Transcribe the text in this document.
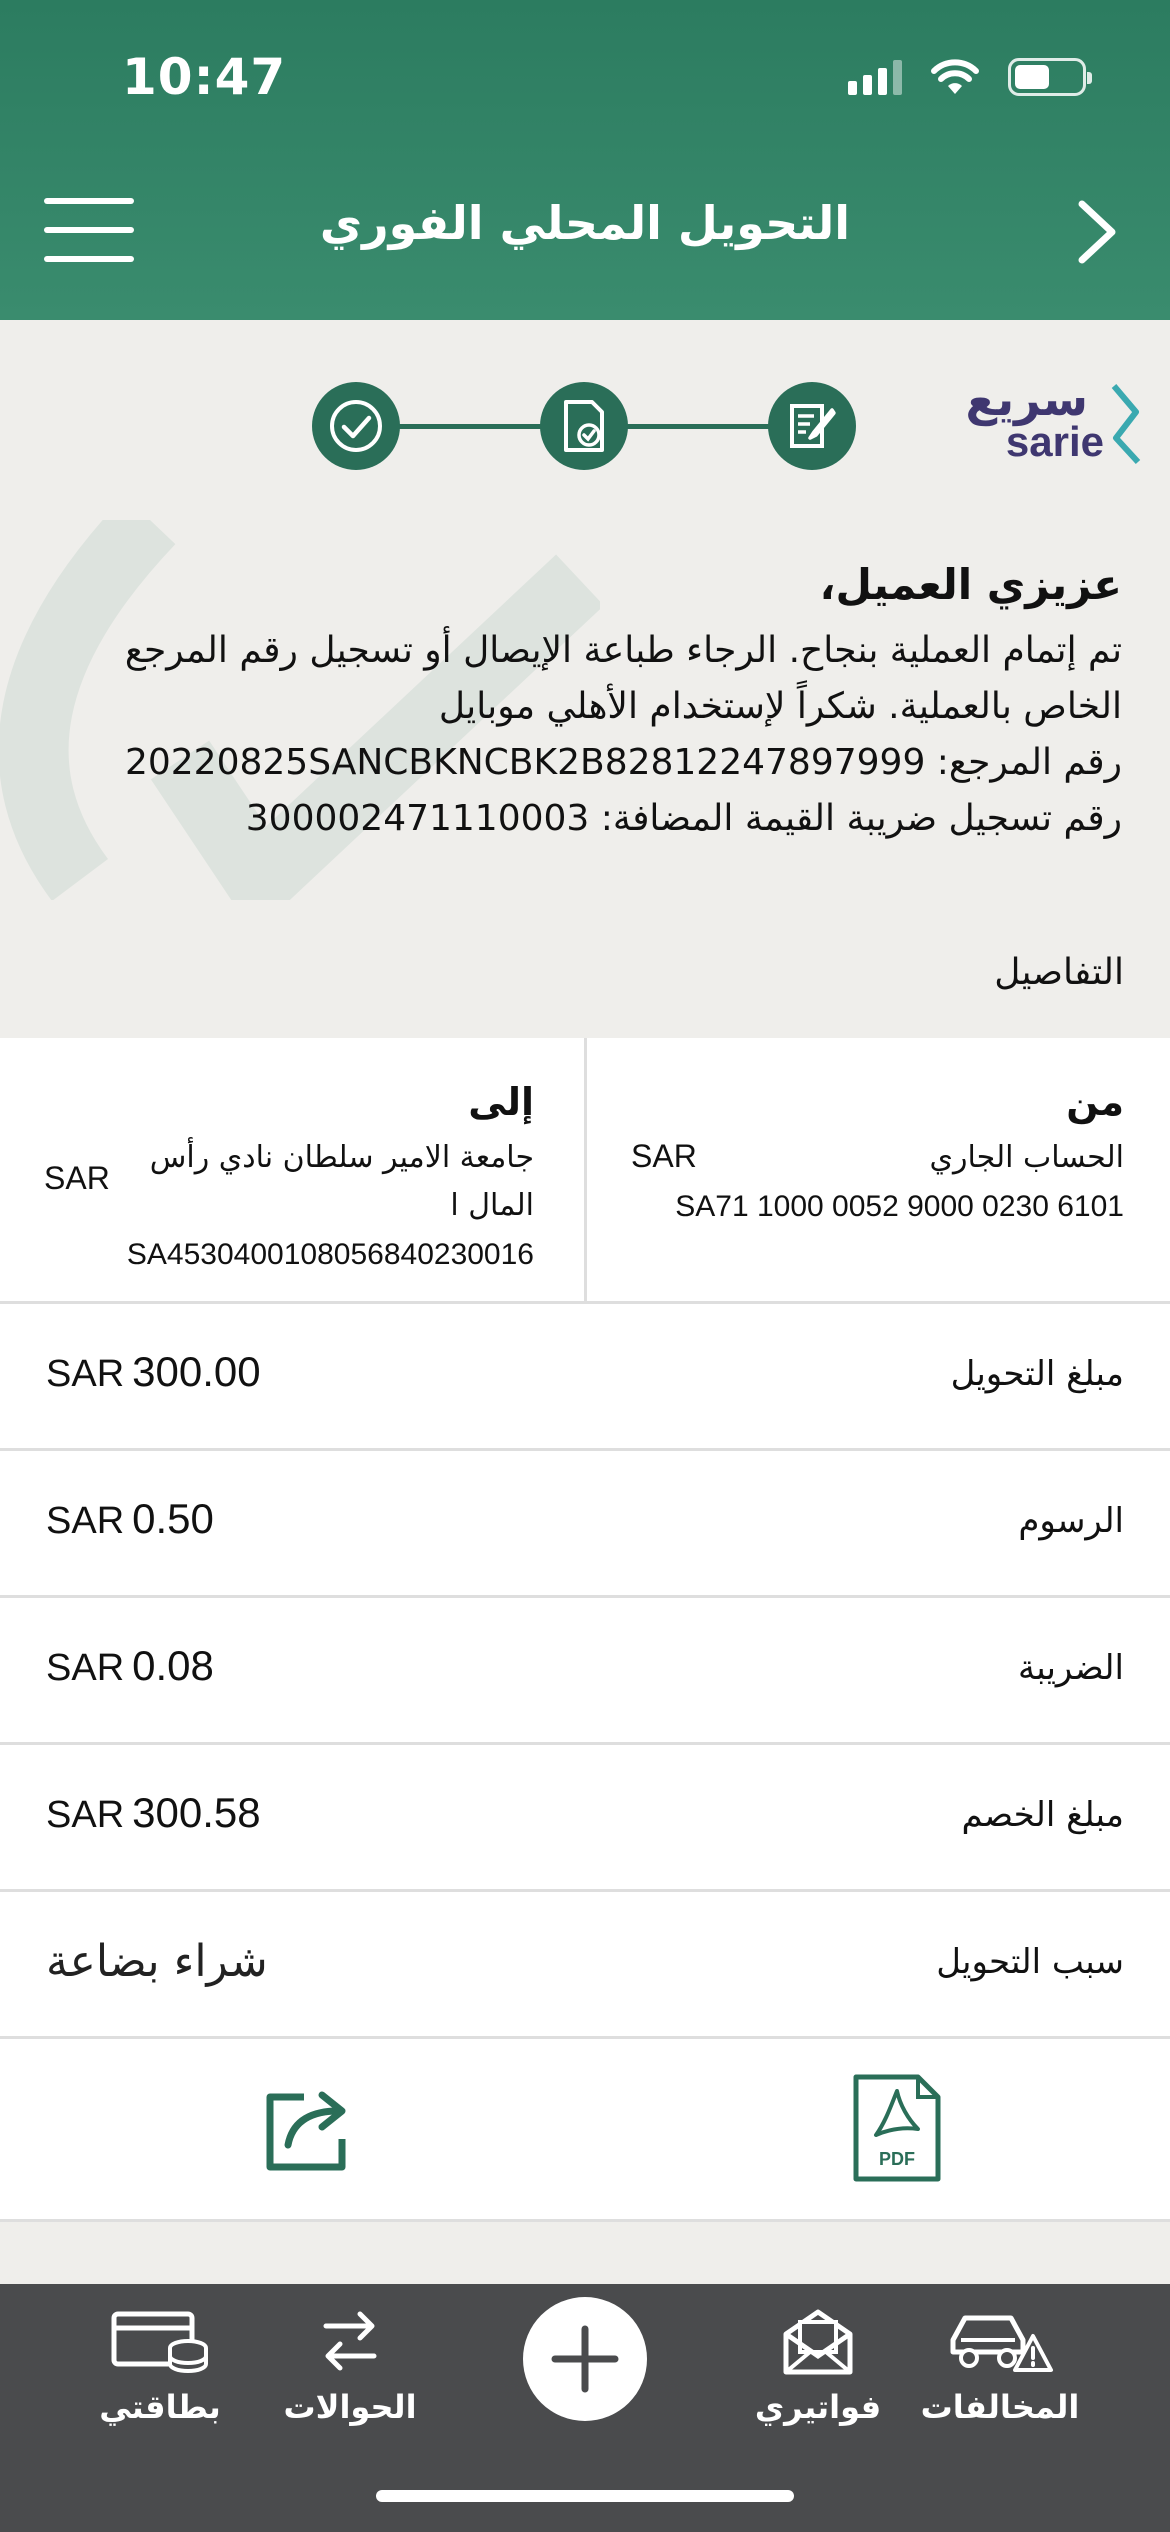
10:47
التحويل المحلي الفوري
سريع
sarie
عزيزي العميل،
تم إتمام العملية بنجاح. الرجاء طباعة الإيصال أو تسجيل رقم المرجع
الخاص بالعملية. شكراً لإستخدام الأهلي موبايل
رقم المرجع: 20220825SANCBKNCBK2B82812247897999
رقم تسجيل ضريبة القيمة المضافة: 300002471110003
التفاصيل
من
الحساب الجاري
SAR
SA71 1000 0052 9000 0230 6101
إلى
جامعة الامير سلطان نادي رأس
المال ا
SAR
SA4530400108056840230016
مبلغ التحويل
SAR 300.00
الرسوم
SAR 0.50
الضريبة
SAR 0.08
مبلغ الخصم
SAR 300.58
سبب التحويل
شراء بضاعة
PDF
بطاقتي	الحوالات	فواتيري	المخالفات
